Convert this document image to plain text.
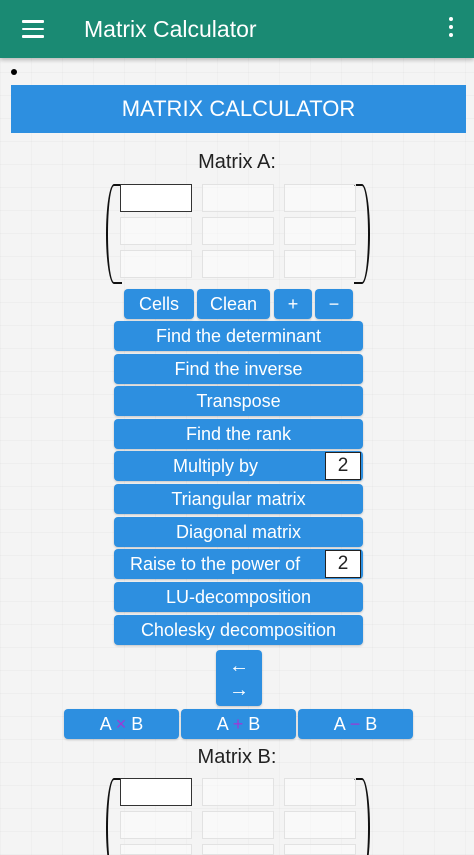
Matrix Calculator
MATRIX CALCULATOR
Matrix A:
Cells	Clean	+	−
Find the determinant
Find the inverse
Transpose
Find the rank
Multiply by	2
Triangular matrix
Diagonal matrix
Raise to the power of	2
LU-decomposition
Cholesky decomposition
←
→
A × B	A + B	A − B
Matrix B:
